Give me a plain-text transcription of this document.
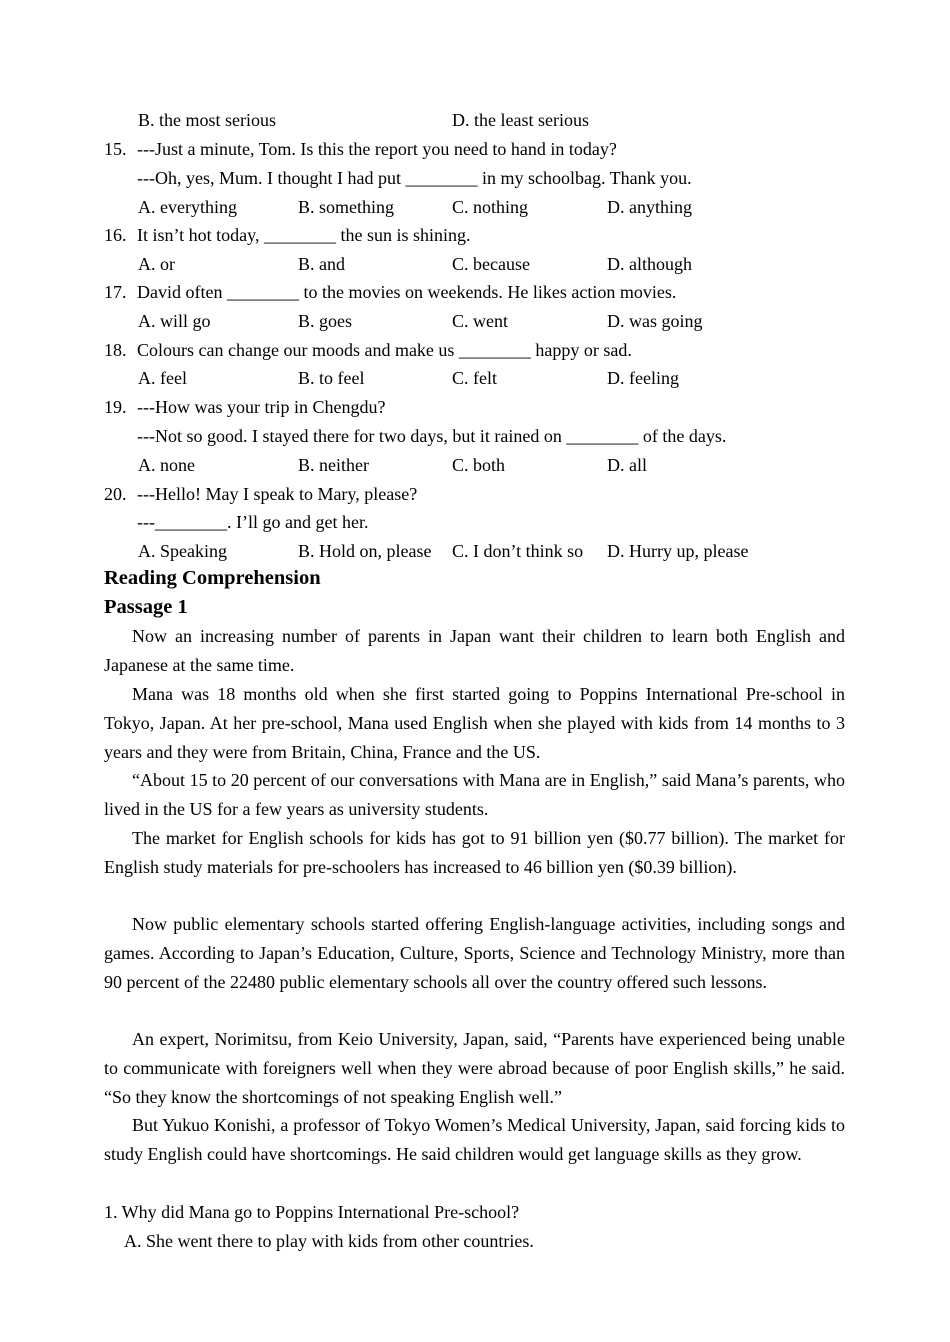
B. the most serious	D. the least serious
15. ---Just a minute, Tom. Is this the report you need to hand in today?
---Oh, yes, Mum. I thought I had put ________ in my schoolbag. Thank you.
A. everything	B. something	C. nothing	D. anything
16. It isn’t hot today, ________ the sun is shining.
A. or	B. and	C. because	D. although
17. David often ________ to the movies on weekends. He likes action movies.
A. will go	B. goes	C. went	D. was going
18. Colours can change our moods and make us ________ happy or sad.
A. feel	B. to feel	C. felt	D. feeling
19. ---How was your trip in Chengdu?
---Not so good. I stayed there for two days, but it rained on ________ of the days.
A. none	B. neither	C. both	D. all
20. ---Hello! May I speak to Mary, please?
---________. I’ll go and get her.
A. Speaking	B. Hold on, please C. I don’t think so D. Hurry up, please
Reading Comprehension
Passage 1
Now an increasing number of parents in Japan want their children to learn both English and Japanese at the same time.
Mana was 18 months old when she first started going to Poppins International Pre-school in Tokyo, Japan. At her pre-school, Mana used English when she played with kids from 14 months to 3 years and they were from Britain, China, France and the US.
“About 15 to 20 percent of our conversations with Mana are in English,” said Mana’s parents, who lived in the US for a few years as university students.
The market for English schools for kids has got to 91 billion yen ($0.77 billion). The market for English study materials for pre-schoolers has increased to 46 billion yen ($0.39 billion).
Now public elementary schools started offering English-language activities, including songs and games. According to Japan’s Education, Culture, Sports, Science and Technology Ministry, more than 90 percent of the 22480 public elementary schools all over the country offered such lessons.
An expert, Norimitsu, from Keio University, Japan, said, “Parents have experienced being unable to communicate with foreigners well when they were abroad because of poor English skills,” he said. “So they know the shortcomings of not speaking English well.”
But Yukuo Konishi, a professor of Tokyo Women’s Medical University, Japan, said forcing kids to study English could have shortcomings. He said children would get language skills as they grow.
1. Why did Mana go to Poppins International Pre-school?
A. She went there to play with kids from other countries.
